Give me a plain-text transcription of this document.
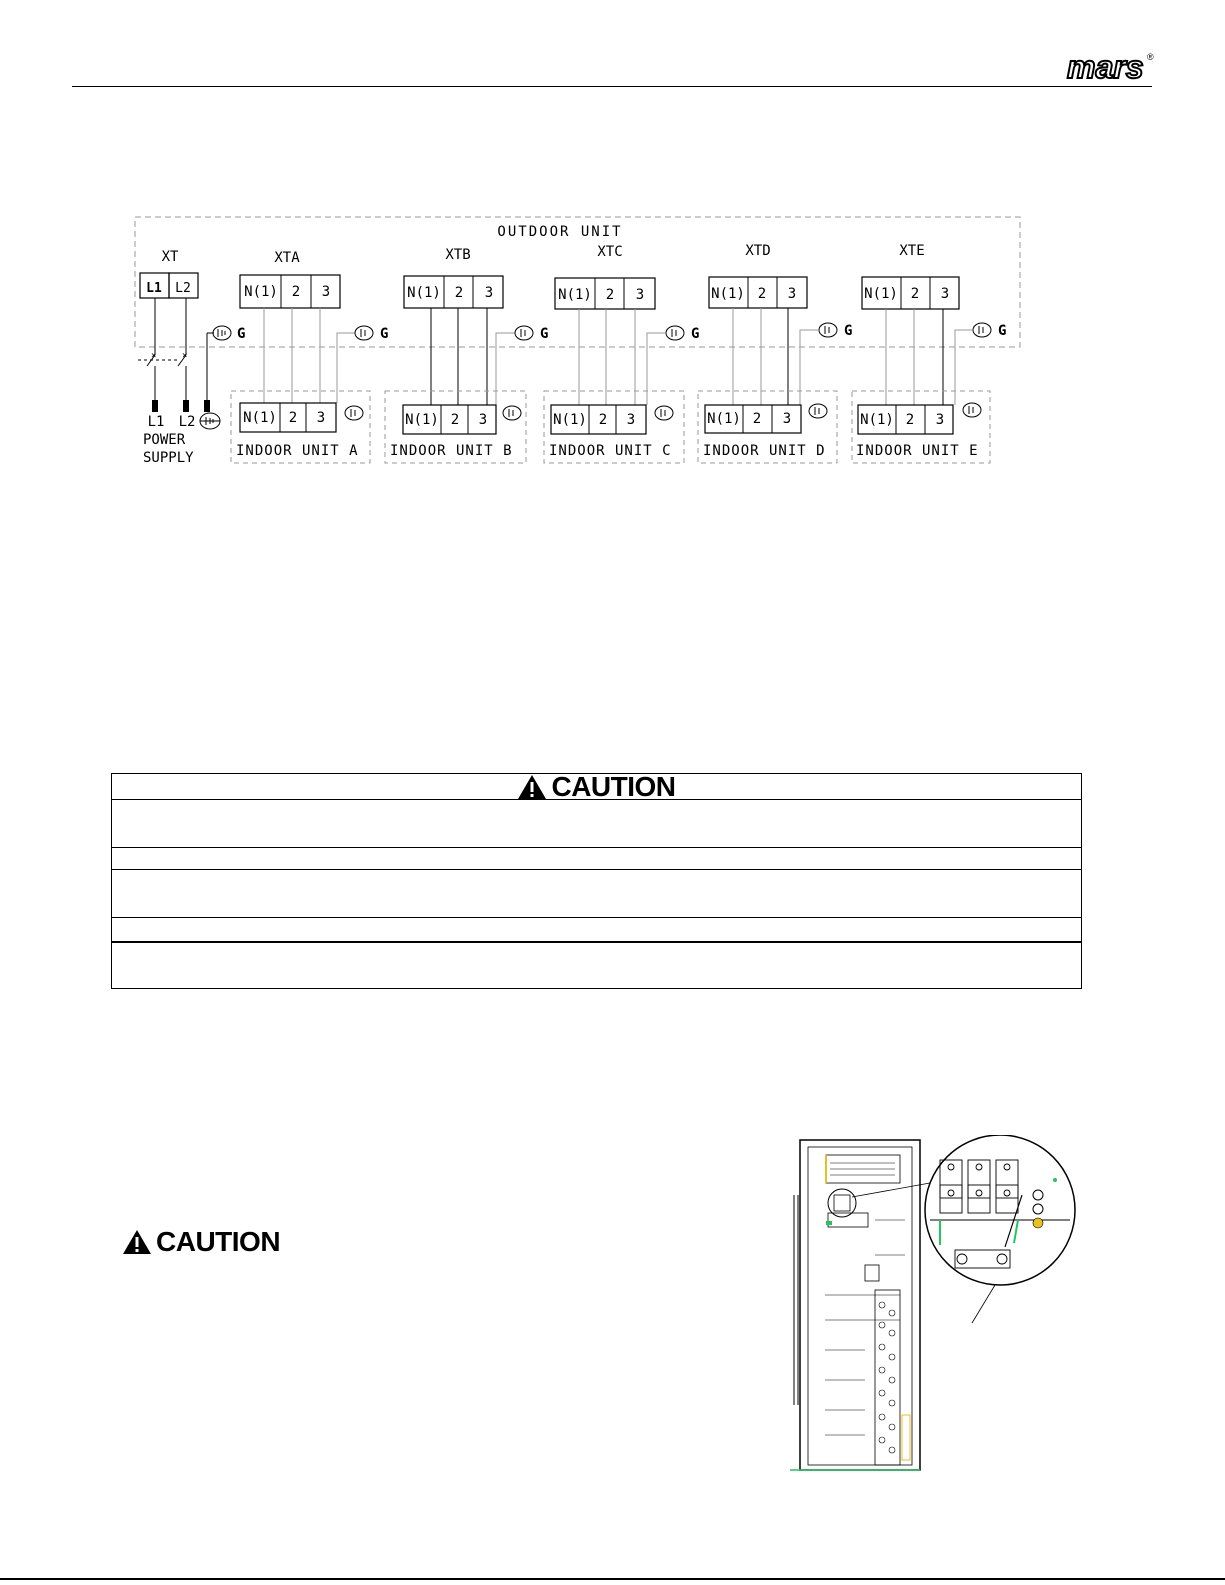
mars ®
OUTDOOR UNIT
XT
L1 L2
×	×
G
L1 L2
POWER
SUPPLY
XTA
N(1) 2 3
G
N(1) 2 3
INDOOR UNIT A
XTB
N(1) 2 3
G
N(1) 2 3
INDOOR UNIT B
XTC
N(1) 2 3
G
N(1) 2 3
INDOOR UNIT C
XTD
N(1) 2 3
G
N(1) 2 3
INDOOR UNIT D
XTE
N(1) 2 3
G
N(1) 2 3
INDOOR UNIT E
CAUTION
CAUTION
